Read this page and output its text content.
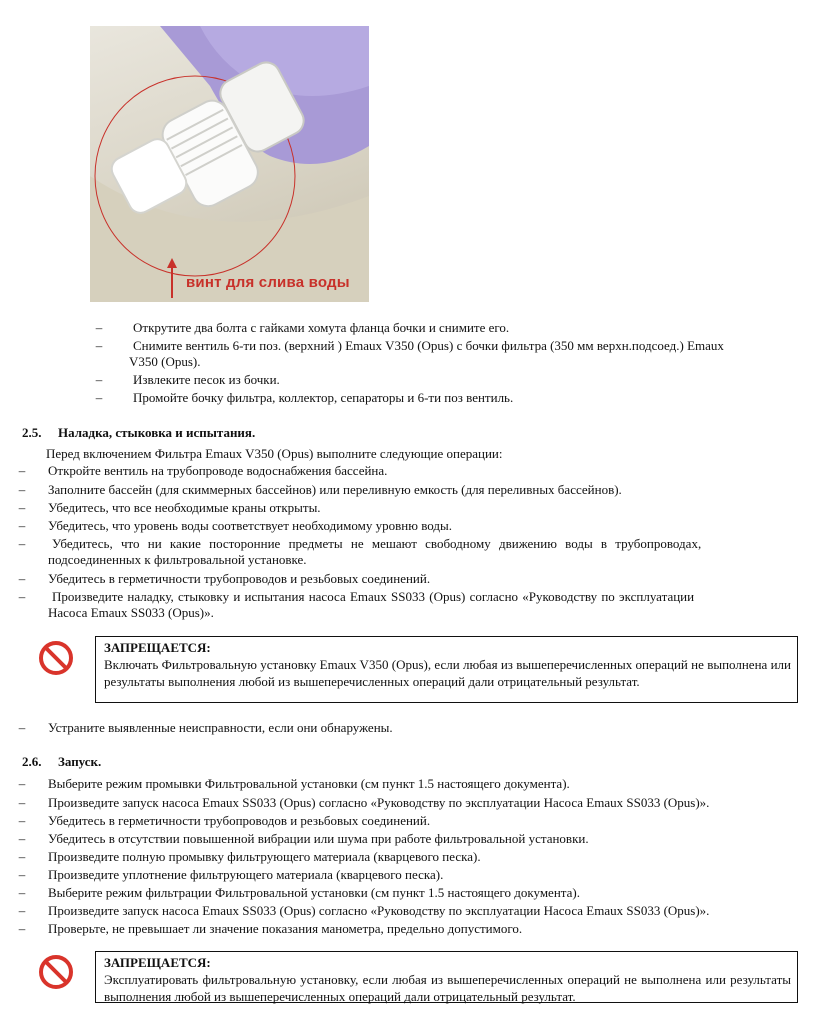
винт для слива воды
– Открутите два болта с гайками хомута фланца бочки и снимите его.
– Снимите вентиль 6-ти поз. (верхний ) Emaux V350 (Opus) с бочки фильтра (350 мм верхн.подсоед.) Emaux
V350 (Opus).
– Извлеките песок из бочки.
– Промойте бочку фильтра, коллектор, сепараторы и 6-ти поз вентиль.
2.5. Наладка, стыковка и испытания.
Перед включением Фильтра Emaux V350 (Opus) выполните следующие операции:
– Откройте вентиль на трубопроводе водоснабжения бассейна.
– Заполните бассейн (для скиммерных бассейнов) или переливную емкость (для переливных бассейнов).
– Убедитесь, что все необходимые краны открыты.
– Убедитесь, что уровень воды соответствует необходимому уровню воды.
– Убедитесь, что ни какие посторонние предметы не мешают свободному движению воды в трубопроводах,
подсоединенных к фильтровальной установке.
– Убедитесь в герметичности трубопроводов и резьбовых соединений.
– Произведите наладку, стыковку и испытания насоса Emaux SS033 (Opus) согласно «Руководству по эксплуатации
Насоса Emaux SS033 (Opus)».
ЗАПРЕЩАЕТСЯ:
Включать Фильтровальную установку Emaux V350 (Opus), если любая из вышеперечисленных операций не выполнена или результаты выполнения любой из вышеперечисленных операций дали отрицательный результат.
– Устраните выявленные неисправности, если они обнаружены.
2.6. Запуск.
– Выберите режим промывки Фильтровальной установки (см пункт 1.5 настоящего документа).
– Произведите запуск насоса Emaux SS033 (Opus) согласно «Руководству по эксплуатации Насоса Emaux SS033 (Opus)».
– Убедитесь в герметичности трубопроводов и резьбовых соединений.
– Убедитесь в отсутствии повышенной вибрации или шума при работе фильтровальной установки.
– Произведите полную промывку фильтрующего материала (кварцевого песка).
– Произведите уплотнение фильтрующего материала (кварцевого песка).
– Выберите режим фильтрации Фильтровальной установки (см пункт 1.5 настоящего документа).
– Произведите запуск насоса Emaux SS033 (Opus) согласно «Руководству по эксплуатации Насоса Emaux SS033 (Opus)».
– Проверьте, не превышает ли значение показания манометра, предельно допустимого.
ЗАПРЕЩАЕТСЯ:
Эксплуатировать фильтровальную установку, если любая из вышеперечисленных операций не выполнена или результаты выполнения любой из вышеперечисленных операций дали отрицательный результат.
